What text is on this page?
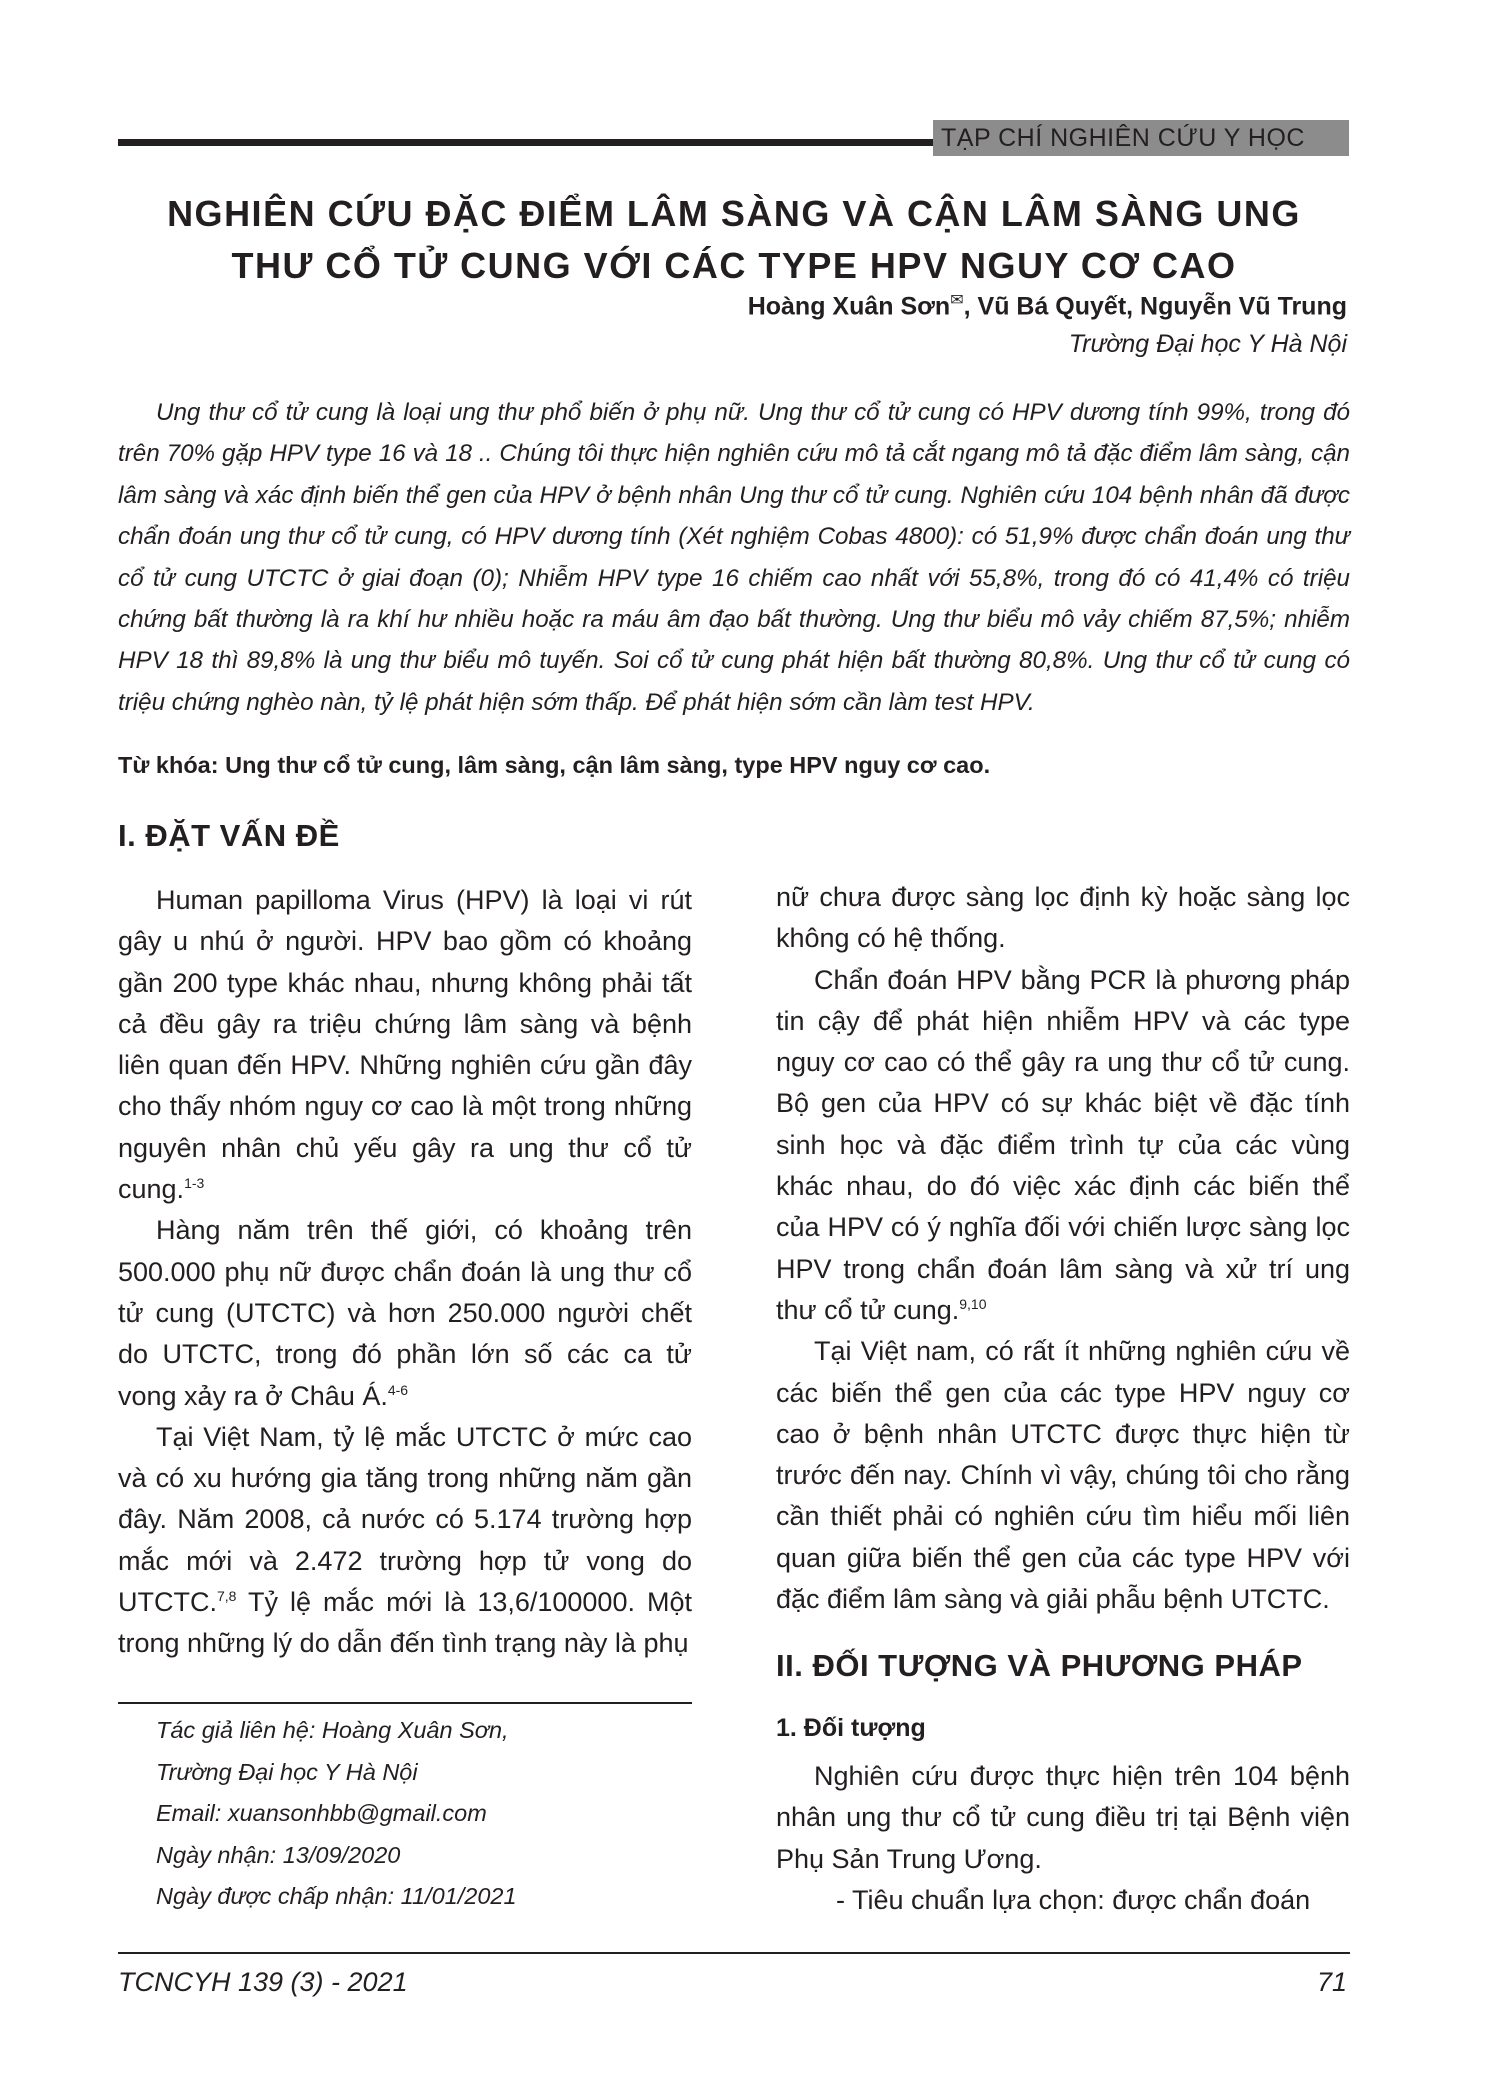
TẠP CHÍ NGHIÊN CỨU Y HỌC
NGHIÊN CỨU ĐẶC ĐIỂM LÂM SÀNG VÀ CẬN LÂM SÀNG UNG
THƯ CỔ TỬ CUNG VỚI CÁC TYPE HPV NGUY CƠ CAO
Hoàng Xuân Sơn✉, Vũ Bá Quyết, Nguyễn Vũ Trung
Trường Đại học Y Hà Nội
Ung thư cổ tử cung là loại ung thư phổ biến ở phụ nữ. Ung thư cổ tử cung có HPV dương tính 99%, trong đó trên 70% gặp HPV type 16 và 18 .. Chúng tôi thực hiện nghiên cứu mô tả cắt ngang mô tả đặc điểm lâm sàng, cận lâm sàng và xác định biến thể gen của HPV ở bệnh nhân Ung thư cổ tử cung. Nghiên cứu 104 bệnh nhân đã được chẩn đoán ung thư cổ tử cung, có HPV dương tính (Xét nghiệm Cobas 4800): có 51,9% được chẩn đoán ung thư cổ tử cung UTCTC ở giai đoạn (0); Nhiễm HPV type 16 chiếm cao nhất với 55,8%, trong đó có 41,4% có triệu chứng bất thường là ra khí hư nhiều hoặc ra máu âm đạo bất thường. Ung thư biểu mô vảy chiếm 87,5%; nhiễm HPV 18 thì 89,8% là ung thư biểu mô tuyến. Soi cổ tử cung phát hiện bất thường 80,8%. Ung thư cổ tử cung có triệu chứng nghèo nàn, tỷ lệ phát hiện sớm thấp. Để phát hiện sớm cần làm test HPV.
Từ khóa: Ung thư cổ tử cung, lâm sàng, cận lâm sàng, type HPV nguy cơ cao.
I. ĐẶT VẤN ĐỀ

Human papilloma Virus (HPV) là loại vi rút gây u nhú ở người. HPV bao gồm có khoảng gần 200 type khác nhau, nhưng không phải tất cả đều gây ra triệu chứng lâm sàng và bệnh liên quan đến HPV. Những nghiên cứu gần đây cho thấy nhóm nguy cơ cao là một trong những nguyên nhân chủ yếu gây ra ung thư cổ tử cung.$^{1-3}$

Hàng năm trên thế giới, có khoảng trên 500.000 phụ nữ được chẩn đoán là ung thư cổ tử cung (UTCTC) và hơn 250.000 người chết do UTCTC, trong đó phần lớn số các ca tử vong xảy ra ở Châu Á.$^{4-6}$

Tại Việt Nam, tỷ lệ mắc UTCTC ở mức cao và có xu hướng gia tăng trong những năm gần đây. Năm 2008, cả nước có 5.174 trường hợp mắc mới và 2.472 trường hợp tử vong do UTCTC.$^{7,8}$ Tỷ lệ mắc mới là 13,6/100000. Một trong những lý do dẫn đến tình trạng này là phụ

Tác giả liên hệ: Hoàng Xuân Sơn,
Trường Đại học Y Hà Nội
Email: xuansonhbb@gmail.com
Ngày nhận: 13/09/2020
Ngày được chấp nhận: 11/01/2021

nữ chưa được sàng lọc định kỳ hoặc sàng lọc không có hệ thống.

Chẩn đoán HPV bằng PCR là phương pháp tin cậy để phát hiện nhiễm HPV và các type nguy cơ cao có thể gây ra ung thư cổ tử cung. Bộ gen của HPV có sự khác biệt về đặc tính sinh học và đặc điểm trình tự của các vùng khác nhau, do đó việc xác định các biến thể của HPV có ý nghĩa đối với chiến lược sàng lọc HPV trong chẩn đoán lâm sàng và xử trí ung thư cổ tử cung.$^{9,10}$

Tại Việt nam, có rất ít những nghiên cứu về các biến thể gen của các type HPV nguy cơ cao ở bệnh nhân UTCTC được thực hiện từ trước đến nay. Chính vì vậy, chúng tôi cho rằng cần thiết phải có nghiên cứu tìm hiểu mối liên quan giữa biến thể gen của các type HPV với đặc điểm lâm sàng và giải phẫu bệnh UTCTC.

II. ĐỐI TƯỢNG VÀ PHƯƠNG PHÁP
1. Đối tượng

Nghiên cứu được thực hiện trên 104 bệnh nhân ung thư cổ tử cung điều trị tại Bệnh viện Phụ Sản Trung Ương.

- Tiêu chuẩn lựa chọn: được chẩn đoán

TCNCYH 139 (3) - 2021	71
